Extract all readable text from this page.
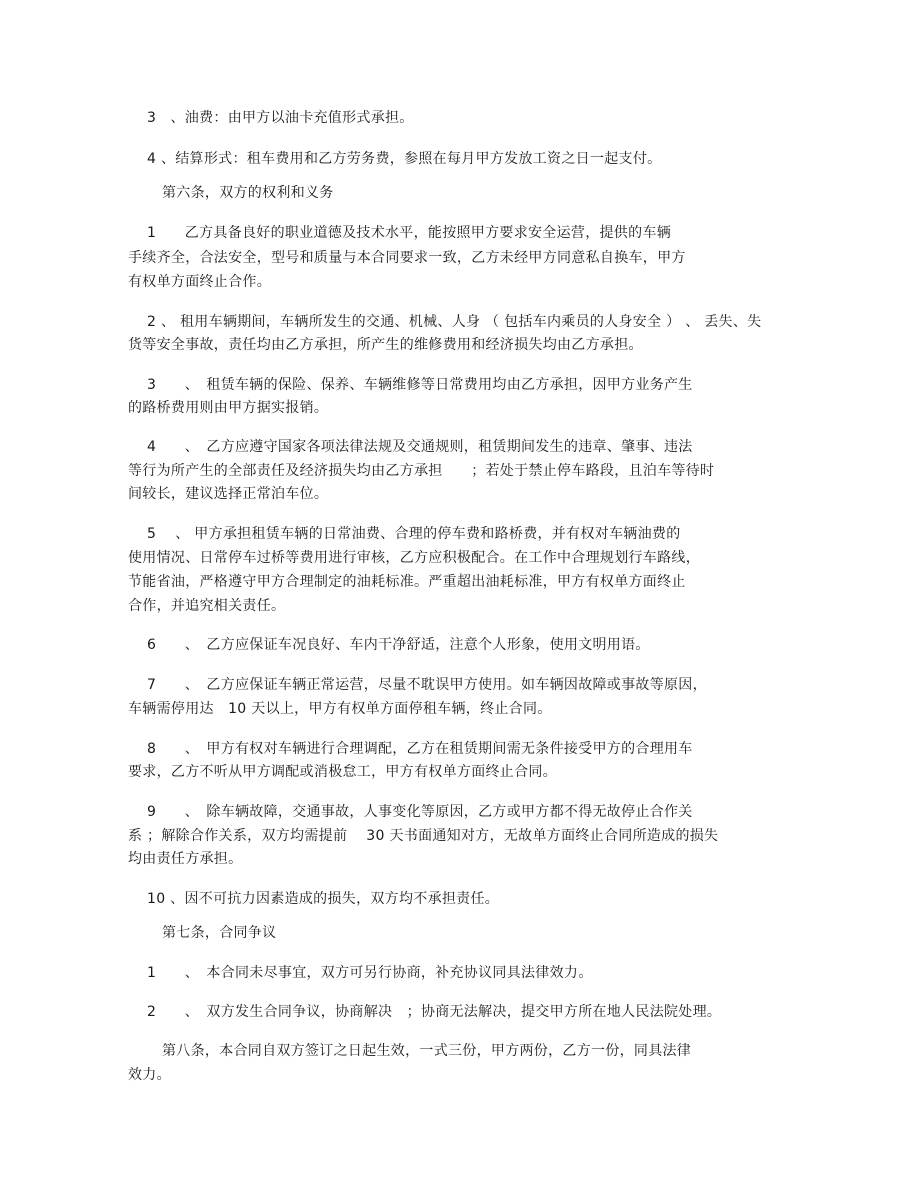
3　、油费：由甲方以油卡充值形式承担。
4 、结算形式：租车费用和乙方劳务费，参照在每月甲方发放工资之日一起支付。
第六条，双方的权利和义务
1　　乙方具备良好的职业道德及技术水平，能按照甲方要求安全运营，提供的车辆
手续齐全，合法安全，型号和质量与本合同要求一致，乙方未经甲方同意私自换车，甲方
有权单方面终止合作。
2 、 租用车辆期间，车辆所发生的交通、机械、人身 （ 包括车内乘员的人身安全 ） 、 丢失、失
货等安全事故，责任均由乙方承担，所产生的维修费用和经济损失均由乙方承担。
3　　、　租赁车辆的保险、保养、车辆维修等日常费用均由乙方承担，因甲方业务产生
的路桥费用则由甲方据实报销。
4　　、　乙方应遵守国家各项法律法规及交通规则，租赁期间发生的违章、肇事、违法
等行为所产生的全部责任及经济损失均由乙方承担　　；若处于禁止停车路段，且泊车等待时
间较长，建议选择正常泊车位。
5　 、 甲方承担租赁车辆的日常油费、合理的停车费和路桥费，并有权对车辆油费的
使用情况、日常停车过桥等费用进行审核，乙方应积极配合。在工作中合理规划行车路线，
节能省油，严格遵守甲方合理制定的油耗标准。严重超出油耗标准，甲方有权单方面终止
合作，并追究相关责任。
6　　、　乙方应保证车况良好、车内干净舒适，注意个人形象，使用文明用语。
7　　、　乙方应保证车辆正常运营，尽量不耽误甲方使用。如车辆因故障或事故等原因，
车辆需停用达　10 天以上，甲方有权单方面停租车辆，终止合同。
8　　、　甲方有权对车辆进行合理调配，乙方在租赁期间需无条件接受甲方的合理用车
要求，乙方不听从甲方调配或消极怠工，甲方有权单方面终止合同。
9　　、　除车辆故障，交通事故，人事变化等原因，乙方或甲方都不得无故停止合作关
系 ；解除合作关系，双方均需提前　 30 天书面通知对方，无故单方面终止合同所造成的损失
均由责任方承担。
10 、因不可抗力因素造成的损失，双方均不承担责任。
第七条，合同争议
1　　、　本合同未尽事宜，双方可另行协商，补充协议同具法律效力。
2　　、　双方发生合同争议，协商解决　；协商无法解决，提交甲方所在地人民法院处理。
第八条，本合同自双方签订之日起生效，一式三份，甲方两份，乙方一份，同具法律
效力。
